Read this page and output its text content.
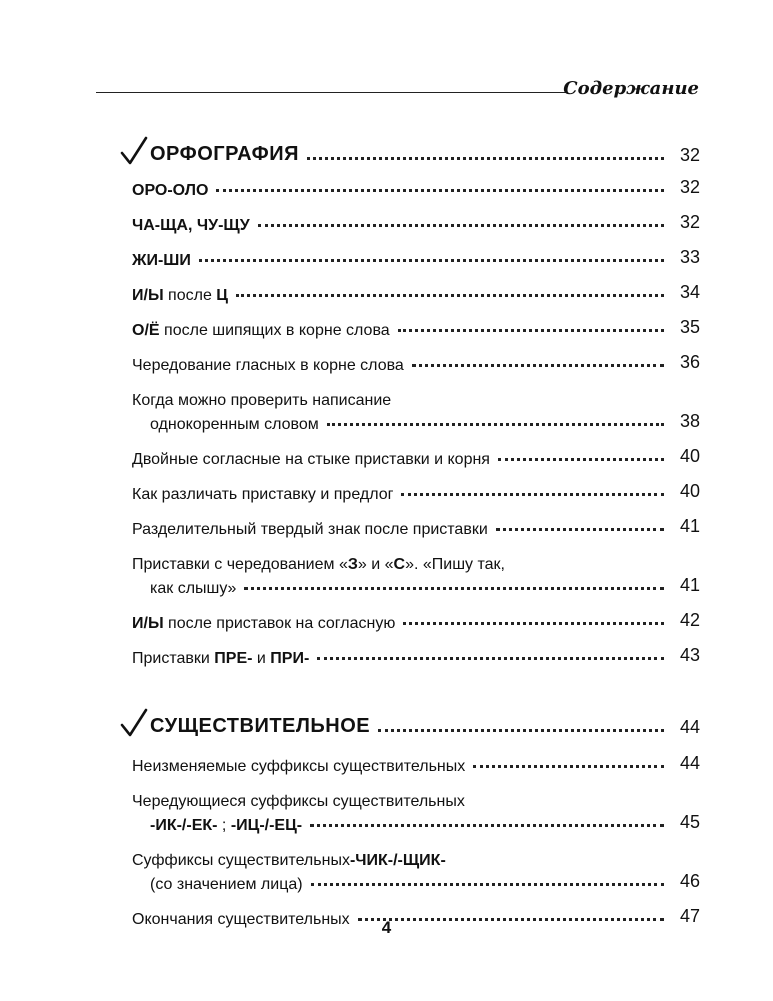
Содержание
ОРФОГРАФИЯ	32
ОРО-ОЛО	32
ЧА-ЩА, ЧУ-ЩУ	32
ЖИ-ШИ	33
И/Ы после Ц	34
О/Ё после шипящих в корне слова	35
Чередование гласных в корне слова	36
Когда можно проверить написание
однокоренным словом	38
Двойные согласные на стыке приставки и корня	40
Как различать приставку и предлог	40
Разделительный твердый знак после приставки	41
Приставки с чередованием « З » и « С ». «Пишу так,
как слышу»	41
И/Ы после приставок на согласную	42
Приставки ПРЕ- и ПРИ-	43
СУЩЕСТВИТЕЛЬНОЕ	44
Неизменяемые суффиксы существительных	44
Чередующиеся суффиксы существительных
-ИК-/-ЕК- ; -ИЦ-/-ЕЦ-	45
Суффиксы существительных -ЧИК-/-ЩИК-
(со значением лица)	46
Окончания существительных	47
4
